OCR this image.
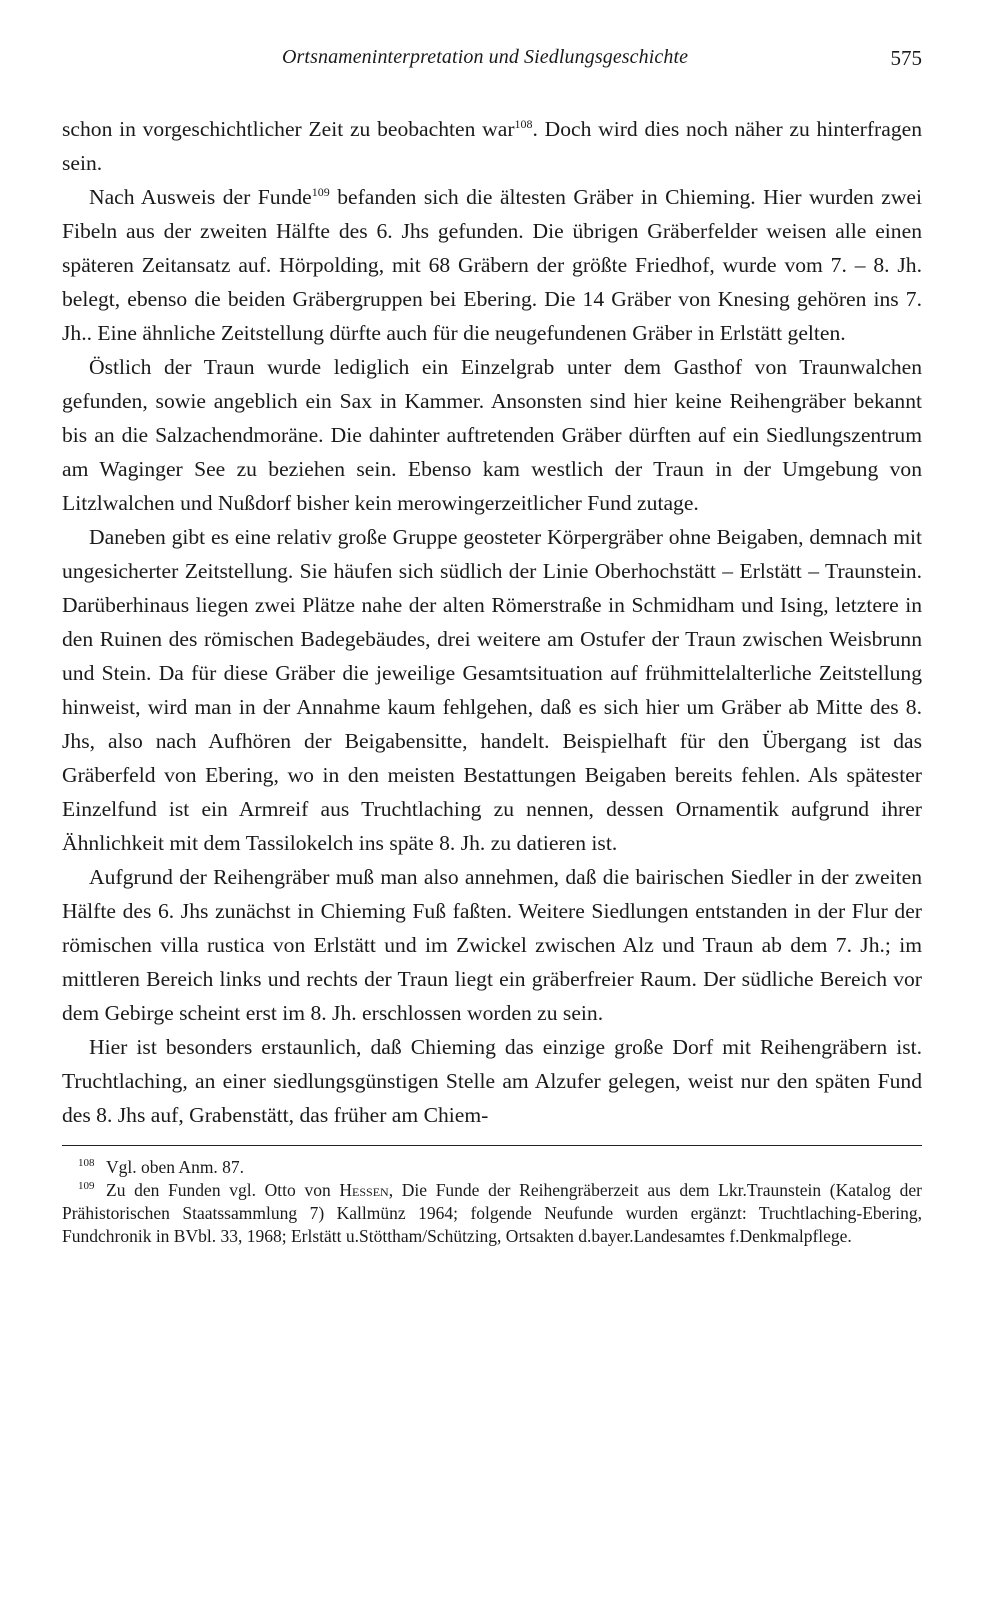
Ortsnameninterpretation und Siedlungsgeschichte	575

schon in vorgeschichtlicher Zeit zu beobachten war$^{108}$. Doch wird dies noch näher zu hinterfragen sein.

Nach Ausweis der Funde$^{109}$ befanden sich die ältesten Gräber in Chieming. Hier wurden zwei Fibeln aus der zweiten Hälfte des 6. Jhs gefunden. Die übrigen Gräberfelder weisen alle einen späteren Zeitansatz auf. Hörpolding, mit 68 Gräbern der größte Friedhof, wurde vom 7. – 8. Jh. belegt, ebenso die beiden Gräbergruppen bei Ebering. Die 14 Gräber von Knesing gehören ins 7. Jh.. Eine ähnliche Zeitstellung dürfte auch für die neugefundenen Gräber in Erlstätt gelten.

Östlich der Traun wurde lediglich ein Einzelgrab unter dem Gasthof von Traunwalchen gefunden, sowie angeblich ein Sax in Kammer. Ansonsten sind hier keine Reihengräber bekannt bis an die Salzachendmoräne. Die dahinter auftretenden Gräber dürften auf ein Siedlungszentrum am Waginger See zu beziehen sein. Ebenso kam westlich der Traun in der Umgebung von Litzlwalchen und Nußdorf bisher kein merowingerzeitlicher Fund zutage.

Daneben gibt es eine relativ große Gruppe geosteter Körpergräber ohne Beigaben, demnach mit ungesicherter Zeitstellung. Sie häufen sich südlich der Linie Oberhochstätt – Erlstätt – Traunstein. Darüberhinaus liegen zwei Plätze nahe der alten Römerstraße in Schmidham und Ising, letztere in den Ruinen des römischen Badegebäudes, drei weitere am Ostufer der Traun zwischen Weisbrunn und Stein. Da für diese Gräber die jeweilige Gesamtsituation auf frühmittelalterliche Zeitstellung hinweist, wird man in der Annahme kaum fehlgehen, daß es sich hier um Gräber ab Mitte des 8. Jhs, also nach Aufhören der Beigabensitte, handelt. Beispielhaft für den Übergang ist das Gräberfeld von Ebering, wo in den meisten Bestattungen Beigaben bereits fehlen. Als spätester Einzelfund ist ein Armreif aus Truchtlaching zu nennen, dessen Ornamentik aufgrund ihrer Ähnlichkeit mit dem Tassilokelch ins späte 8. Jh. zu datieren ist.

Aufgrund der Reihengräber muß man also annehmen, daß die bairischen Siedler in der zweiten Hälfte des 6. Jhs zunächst in Chieming Fuß faßten. Weitere Siedlungen entstanden in der Flur der römischen villa rustica von Erlstätt und im Zwickel zwischen Alz und Traun ab dem 7. Jh.; im mittleren Bereich links und rechts der Traun liegt ein gräberfreier Raum. Der südliche Bereich vor dem Gebirge scheint erst im 8. Jh. erschlossen worden zu sein.

Hier ist besonders erstaunlich, daß Chieming das einzige große Dorf mit Reihengräbern ist. Truchtlaching, an einer siedlungsgünstigen Stelle am Alzufer gelegen, weist nur den späten Fund des 8. Jhs auf, Grabenstätt, das früher am Chiem-

108 Vgl. oben Anm. 87.

109 Zu den Funden vgl. Otto von Hessen, Die Funde der Reihengräberzeit aus dem Lkr.Traunstein (Katalog der Prähistorischen Staatssammlung 7) Kallmünz 1964; folgende Neufunde wurden ergänzt: Truchtlaching-Ebering, Fundchronik in BVbl. 33, 1968; Erlstätt u.Stöttham/Schützing, Ortsakten d.bayer.Landesamtes f.Denkmalpflege.
